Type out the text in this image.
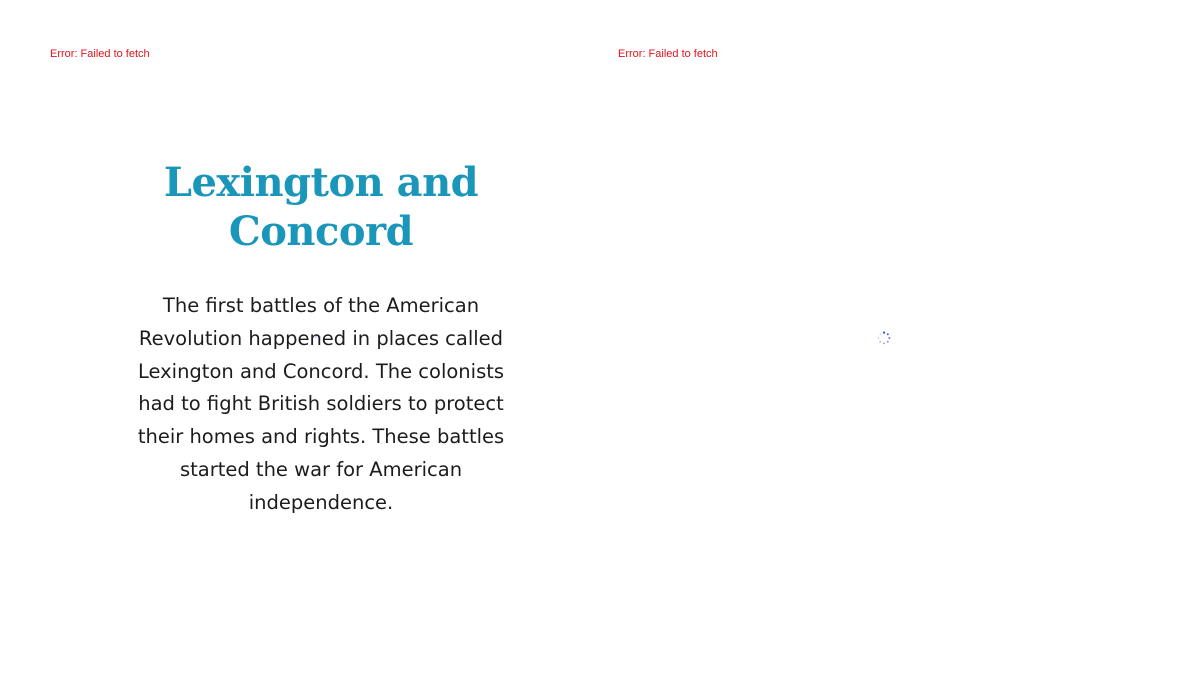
Error: Failed to fetch	Error: Failed to fetch
Lexington and Concord

The first battles of the American Revolution happened in places called Lexington and Concord. The colonists had to fight British soldiers to protect their homes and rights. These battles started the war for American independence.
